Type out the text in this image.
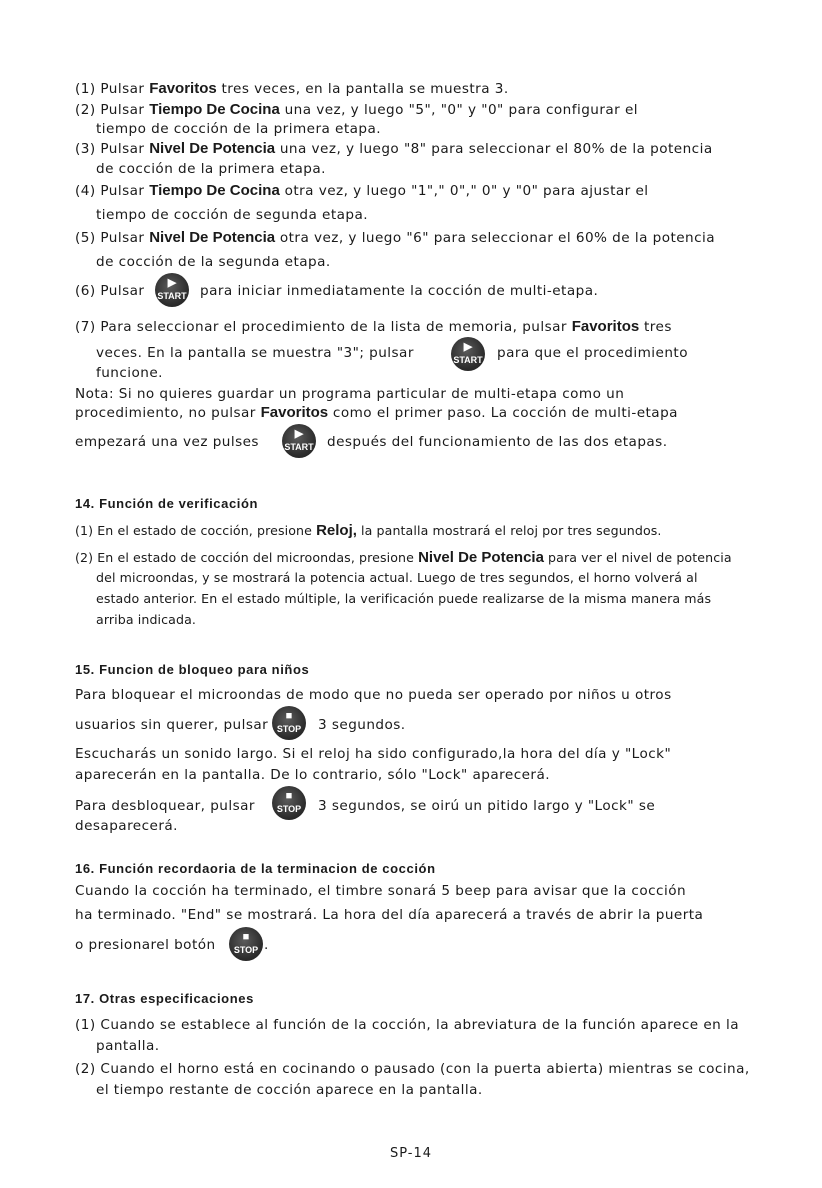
(1) Pulsar Favoritos tres veces, en la pantalla se muestra 3.
(2) Pulsar Tiempo De Cocina una vez, y luego "5", "0" y "0" para configurar el
tiempo de cocción de la primera etapa.
(3) Pulsar Nivel De Potencia una vez, y luego "8" para seleccionar el 80% de la potencia
de cocción de la primera etapa.
(4) Pulsar Tiempo De Cocina otra vez, y luego "1"," 0"," 0" y "0" para ajustar el
tiempo de cocción de segunda etapa.
(5) Pulsar Nivel De Potencia otra vez, y luego "6" para seleccionar el 60% de la potencia
de cocción de la segunda etapa.
(6) Pulsar	▶
START para iniciar inmediatamente la cocción de multi-etapa.
(7) Para seleccionar el procedimiento de la lista de memoria, pulsar Favoritos tres
veces. En la pantalla se muestra "3"; pulsar	▶
START para que el procedimiento
funcione.
Nota: Si no quieres guardar un programa particular de multi-etapa como un
procedimiento, no pulsar Favoritos como el primer paso. La cocción de multi-etapa
empezará una vez pulses	▶
START después del funcionamiento de las dos etapas.
14. Función de verificación
(1) En el estado de cocción, presione Reloj, la pantalla mostrará el reloj por tres segundos.
(2) En el estado de cocción del microondas, presione Nivel De Potencia para ver el nivel de potencia
del microondas, y se mostrará la potencia actual. Luego de tres segundos, el horno volverá al
estado anterior. En el estado múltiple, la verificación puede realizarse de la misma manera más
arriba indicada.
15. Funcion de bloqueo para niños
Para bloquear el microondas de modo que no pueda ser operado por niños u otros
usuarios sin querer, pulsar
■
STOP	3 segundos.
Escucharás un sonido largo. Si el reloj ha sido configurado,la hora del día y "Lock"
aparecerán en la pantalla. De lo contrario, sólo "Lock" aparecerá.
Para desbloquear, pulsar
■
STOP	3 segundos, se oirú un pitido largo y "Lock" se
desaparecerá.
16. Función recordaoria de la terminacion de cocción
Cuando la cocción ha terminado, el timbre sonará 5 beep para avisar que la cocción
ha terminado. "End" se mostrará. La hora del día aparecerá a través de abrir la puerta
o presionarel botón	■
STOP .
17. Otras especificaciones
(1) Cuando se establece al función de la cocción, la abreviatura de la función aparece en la
pantalla.
(2) Cuando el horno está en cocinando o pausado (con la puerta abierta) mientras se cocina,
el tiempo restante de cocción aparece en la pantalla.
SP-14
